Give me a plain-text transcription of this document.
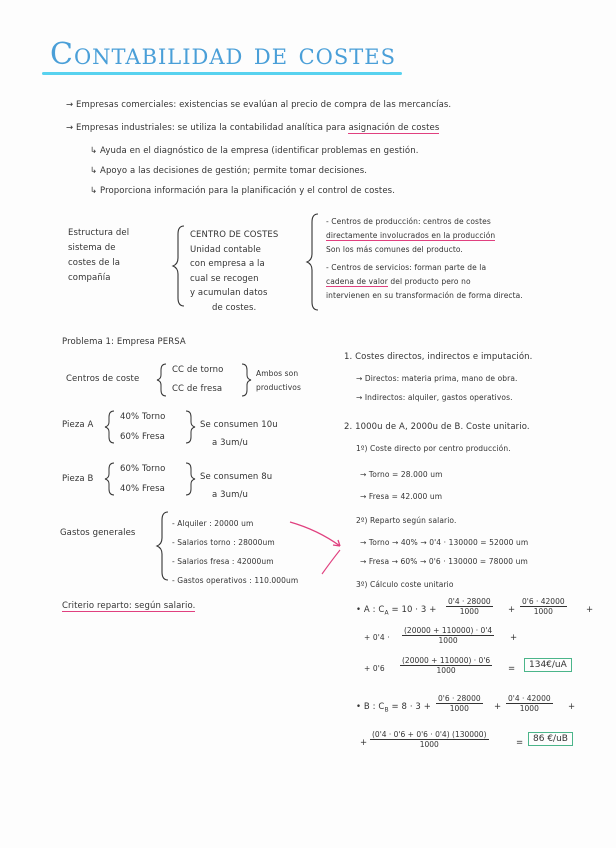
Contabilidad de costes
→ Empresas comerciales: existencias se evalúan al precio de compra de las mercancías.
→ Empresas industriales: se utiliza la contabilidad analítica para asignación de costes
↳ Ayuda en el diagnóstico de la empresa (identificar problemas en gestión.
↳ Apoyo a las decisiones de gestión; permite tomar decisiones.
↳ Proporciona información para la planificación y el control de costes.
Estructura del
sistema de
costes de la
compañía
CENTRO DE COSTES
Unidad contable
con empresa a la
cual se recogen
y acumulan datos
de costes.
- Centros de producción: centros de costes
directamente involucrados en la producción
Son los más comunes del producto.
- Centros de servicios: forman parte de la
cadena de valor del producto pero no
intervienen en su transformación de forma directa.
Problema 1: Empresa PERSA
Centros de coste
CC de torno
CC de fresa
Ambos son
productivos
Pieza A
40% Torno
60% Fresa
Se consumen 10u
a 3um/u
Pieza B
60% Torno
40% Fresa
Se consumen 8u
a 3um/u
Gastos generales
- Alquiler : 20000 um
- Salarios torno : 28000um
- Salarios fresa : 42000um
- Gastos operativos : 110.000um
Criterio reparto: según salario.
1. Costes directos, indirectos e imputación.
→ Directos: materia prima, mano de obra.
→ Indirectos: alquiler, gastos operativos.
2. 1000u de A, 2000u de B. Coste unitario.
1º) Coste directo por centro producción.
→ Torno = 28.000 um
→ Fresa = 42.000 um
2º) Reparto según salario.
→ Torno → 40% → 0'4 · 130000 = 52000 um
→ Fresa → 60% → 0'6 · 130000 = 78000 um
3º) Cálculo coste unitario
• A : $C_A = 10 \cdot 3 + \frac{0'4 \cdot 28000}{1000} + \frac{0'6 \cdot 42000}{1000}$ +
+ $0'4 \cdot \frac{(20000 + 110000) \cdot 0'4}{1000}$ +
+ $0'6 \frac{(20000 + 110000) \cdot 0'6}{1000}$ =	134€/uA
• B : $C_B = 8 \cdot 3 + \frac{0'6 \cdot 28000}{1000} + \frac{0'4 \cdot 42000}{1000}$ +
+ $\frac{(0'4 \cdot 0'6 + 0'6 \cdot 0'4) (130000)}{1000}$	=	86 €/uB
